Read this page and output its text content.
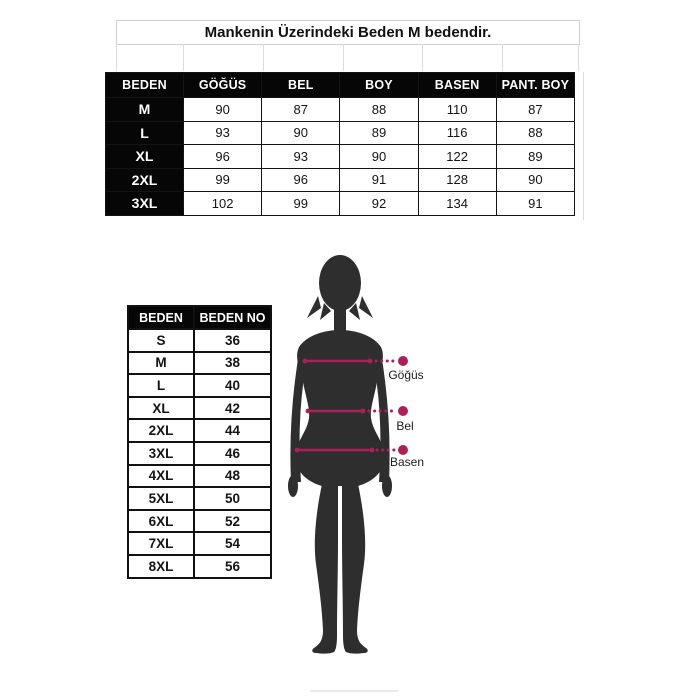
Mankenin Üzerindeki Beden M bedendir.
BEDEN	GÖĞÜS	BEL	BOY	BASEN	PANT. BOY
M	90	87	88	110	87
L	93	90	89	116	88
XL	96	93	90	122	89
2XL	99	96	91	128	90
3XL	102	99	92	134	91
BEDEN	BEDEN NO
S	36
M	38
L	40
XL	42
2XL	44
3XL	46
4XL	48
5XL	50
6XL	52
7XL	54
8XL	56
Göğüs
Bel
Basen
